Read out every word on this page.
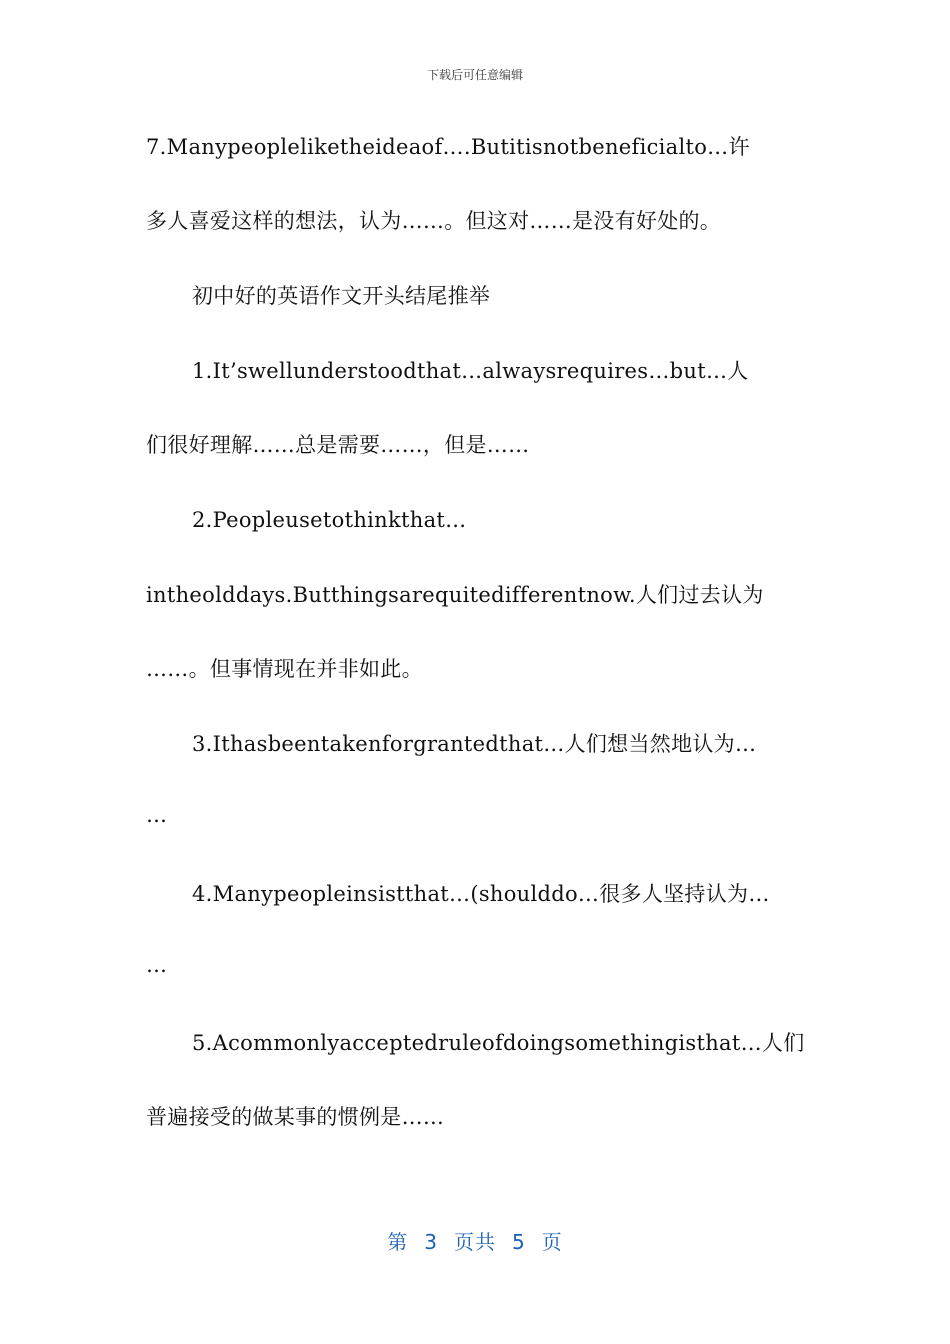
下载后可任意编辑
7.Manypeopleliketheideaof….Butitisnotbeneficialto…许
多人喜爱这样的想法，认为……。但这对……是没有好处的。
初中好的英语作文开头结尾推举
1.It’swellunderstoodthat…alwaysrequires…but…人
们很好理解……总是需要……，但是……
2.Peopleusetothinkthat…
intheolddays.Butthingsarequitedifferentnow.人们过去认为
……。但事情现在并非如此。
3.Ithasbeentakenforgrantedthat…人们想当然地认为…
…
4.Manypeopleinsistthat…(shoulddo…很多人坚持认为…
…
5.Acommonlyacceptedruleofdoingsomethingisthat…人们
普遍接受的做某事的惯例是……
第 3 页共 5 页
